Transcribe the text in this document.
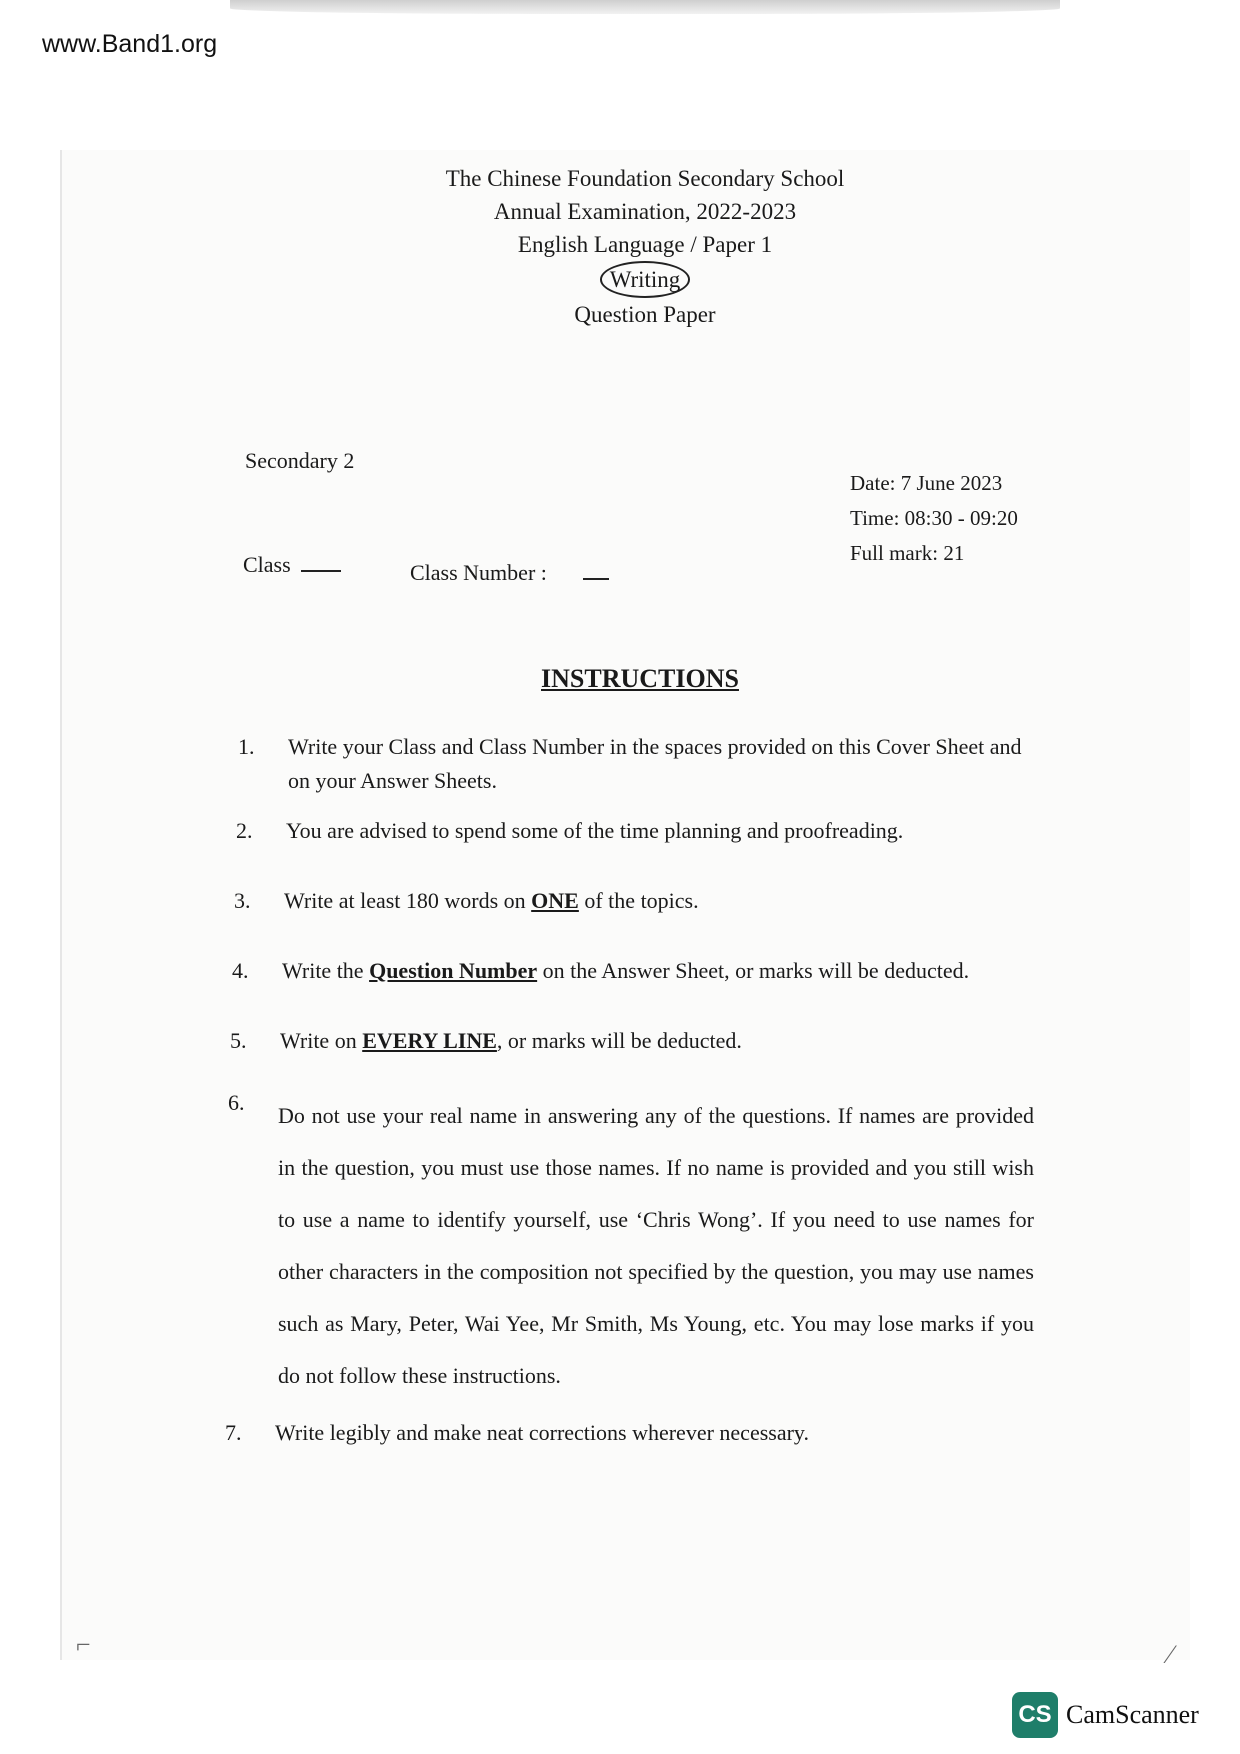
www.Band1.org
The Chinese Foundation Secondary School
Annual Examination, 2022-2023
English Language / Paper 1
Writing
Question Paper
Secondary 2
Class	Class Number :
Date: 7 June 2023
Time: 08:30 - 09:20
Full mark: 21
INSTRUCTIONS
1.	Write your Class and Class Number in the spaces provided on this Cover Sheet and on your Answer Sheets.
2.	You are advised to spend some of the time planning and proofreading.
3.	Write at least 180 words on ONE of the topics.
4.	Write the Question Number on the Answer Sheet, or marks will be deducted.
5.	Write on EVERY LINE, or marks will be deducted.
6.
Do not use your real name in answering any of the questions. If names are provided in the question, you must use those names. If no name is provided and you still wish to use a name to identify yourself, use ‘Chris Wong’. If you need to use names for other characters in the composition not specified by the question, you may use names such as Mary, Peter, Wai Yee, Mr Smith, Ms Young, etc. You may lose marks if you do not follow these instructions.
7.	Write legibly and make neat corrections wherever necessary.
⌐	⁄
CS CamScanner
